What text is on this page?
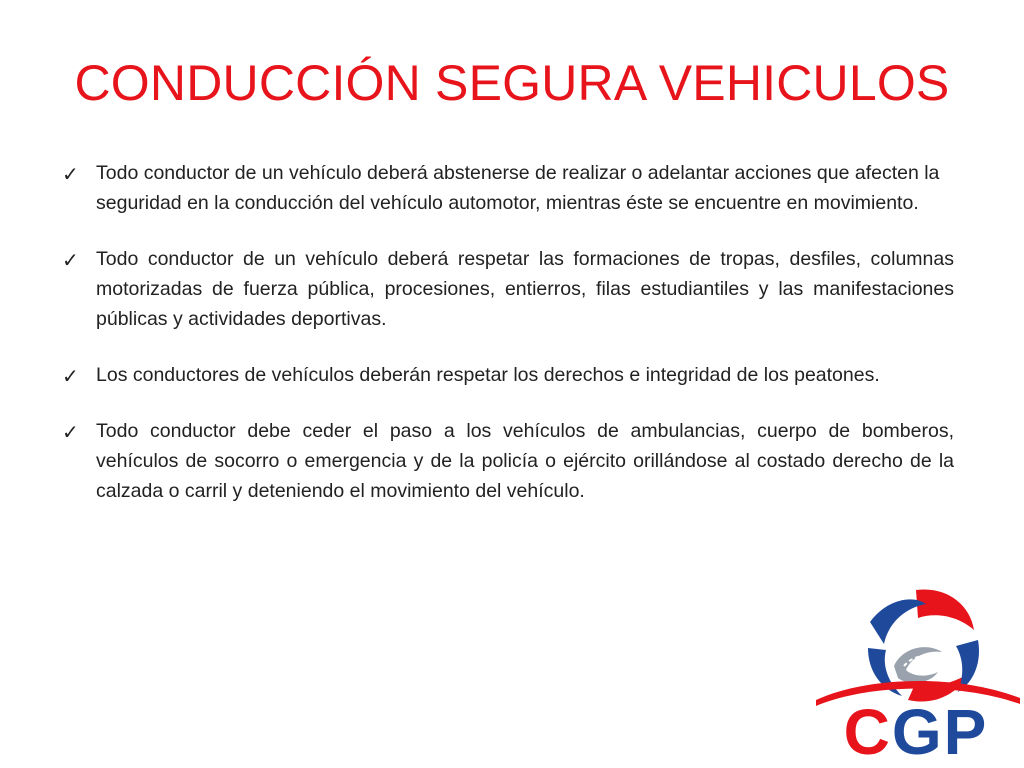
CONDUCCIÓN SEGURA VEHICULOS
✓ Todo conductor de un vehículo deberá abstenerse de realizar o adelantar acciones que afecten la seguridad en la conducción del vehículo automotor, mientras éste se encuentre en movimiento.

✓ Todo conductor de un vehículo deberá respetar las formaciones de tropas, desfiles, columnas motorizadas de fuerza pública, procesiones, entierros, filas estudiantiles y las manifestaciones públicas y actividades deportivas.

✓ Los conductores de vehículos deberán respetar los derechos e integridad de los peatones.

✓ Todo conductor debe ceder el paso a los vehículos de ambulancias, cuerpo de bomberos, vehículos de socorro o emergencia y de la policía o ejército orillándose al costado derecho de la calzada o carril y deteniendo el movimiento del vehículo.

CGP
